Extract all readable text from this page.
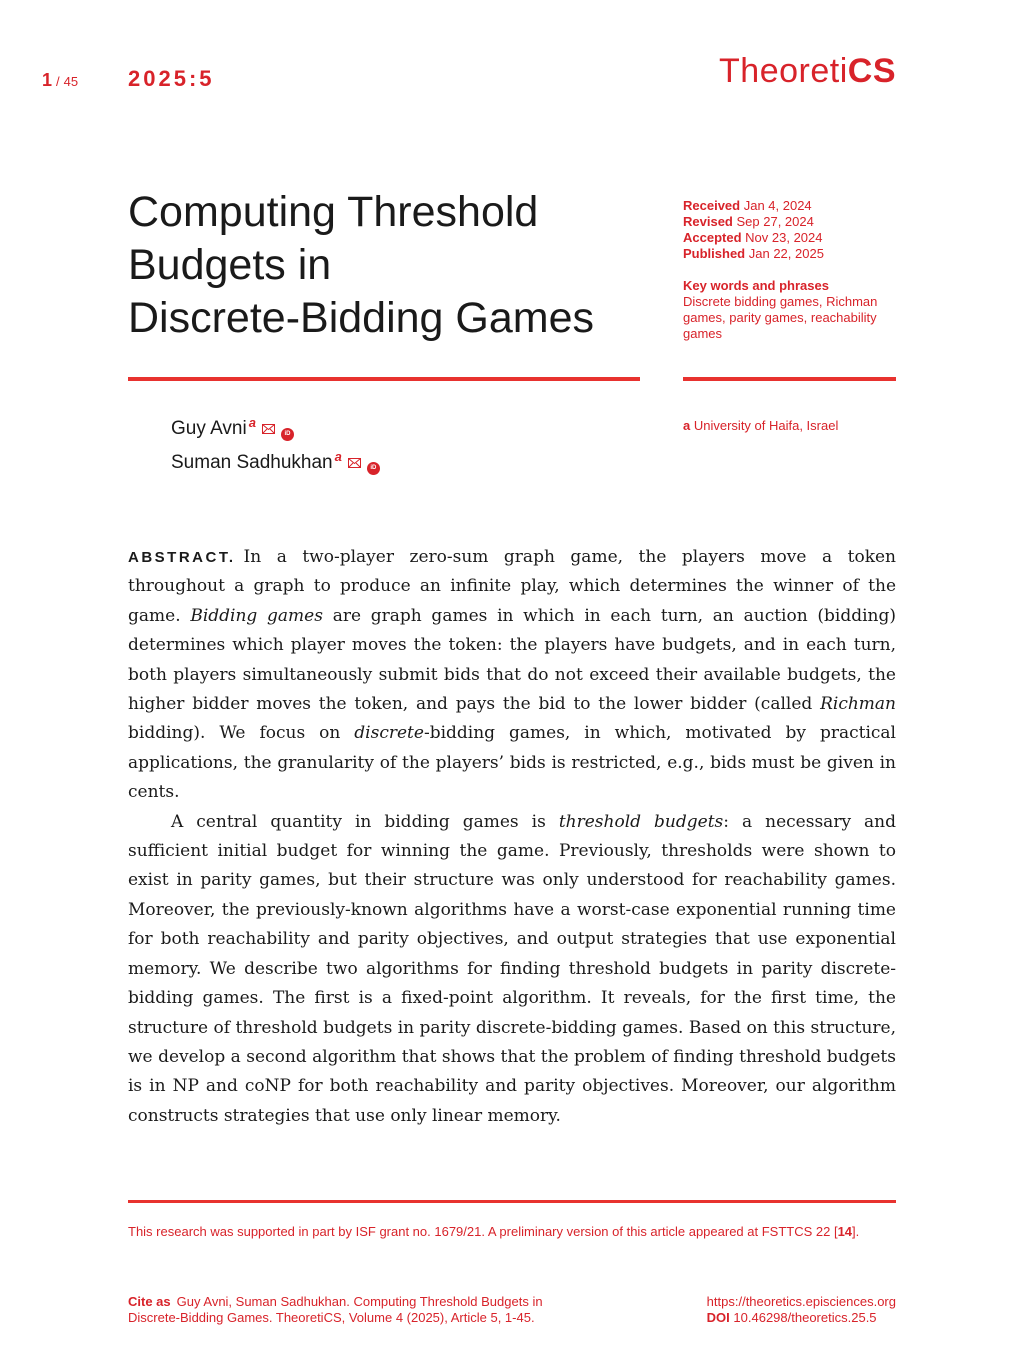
1 / 45 2025:5	TheoretiCS
Computing Threshold
Budgets in
Discrete-Bidding Games
Received Jan 4, 2024
Revised Sep 27, 2024
Accepted Nov 23, 2024
Published Jan 22, 2025
Key words and phrases
Discrete bidding games, Richman games, parity games, reachability games
Guy Avni a
iD
Suman Sadhukhan a
iD
a University of Haifa, Israel

ABSTRACT. In a two-player zero-sum graph game, the players move a token throughout a graph to produce an infinite play, which determines the winner of the game. Bidding games are graph games in which in each turn, an auction (bidding) determines which player moves the token: the players have budgets, and in each turn, both players simultaneously submit bids that do not exceed their available budgets, the higher bidder moves the token, and pays the bid to the lower bidder (called Richman bidding). We focus on discrete-bidding games, in which, motivated by practical applications, the granularity of the players’ bids is restricted, e.g., bids must be given in cents.

A central quantity in bidding games is threshold budgets: a necessary and sufficient initial budget for winning the game. Previously, thresholds were shown to exist in parity games, but their structure was only understood for reachability games. Moreover, the previously-known algorithms have a worst-case exponential running time for both reachability and parity objectives, and output strategies that use exponential memory. We describe two algorithms for finding threshold budgets in parity discrete-bidding games. The first is a fixed-point algorithm. It reveals, for the first time, the structure of threshold budgets in parity discrete-bidding games. Based on this structure, we develop a second algorithm that shows that the problem of finding threshold budgets is in NP and coNP for both reachability and parity objectives. Moreover, our algorithm constructs strategies that use only linear memory.

This research was supported in part by ISF grant no. 1679/21. A preliminary version of this article appeared at FSTTCS 22 [14].
Cite as Guy Avni, Suman Sadhukhan. Computing Threshold Budgets in Discrete-Bidding Games. TheoretiCS, Volume 4 (2025), Article 5, 1-45.
https://theoretics.episciences.org
DOI 10.46298/theoretics.25.5
